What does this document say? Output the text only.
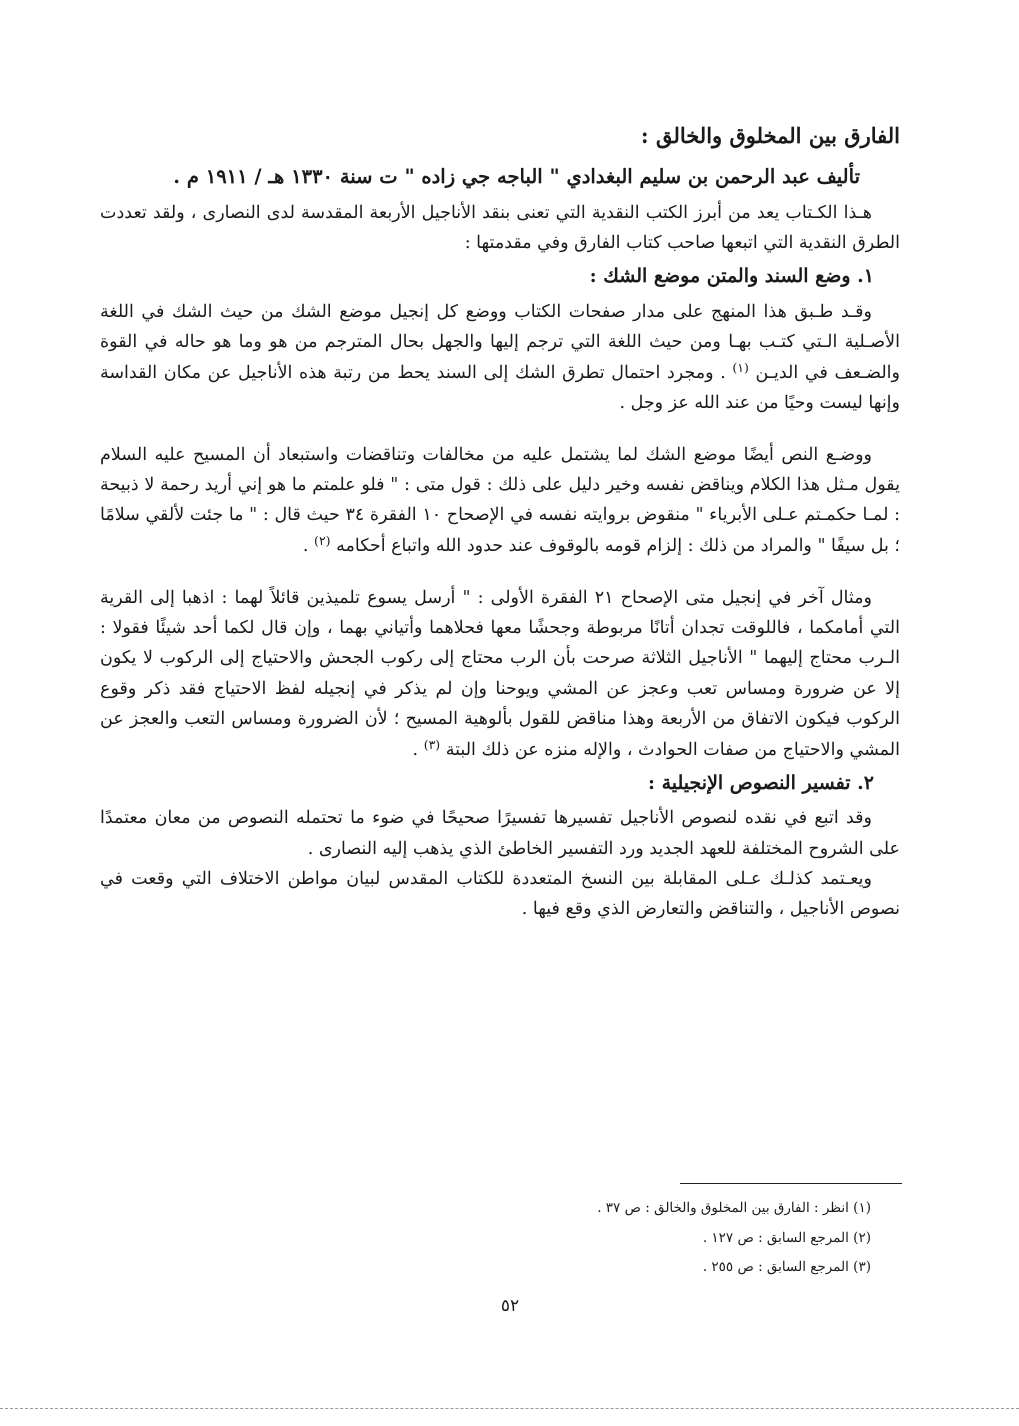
الفارق بين المخلوق والخالق :
تأليف عبد الرحمن بن سليم البغدادي " الباجه جي زاده " ت سنة ١٣٣٠ هـ / ١٩١١ م .

هـذا الكـتاب يعد من أبرز الكتب النقدية التي تعنى بنقد الأناجيل الأربعة المقدسة لدى النصارى ، ولقد تعددت الطرق النقدية التي اتبعها صاحب كتاب الفارق وفي مقدمتها :

١. وضع السند والمتن موضع الشك :

وقـد طـبق هذا المنهج على مدار صفحات الكتاب ووضع كل إنجيل موضع الشك من حيث الشك في اللغة الأصـلية الـتي كتـب بهـا ومن حيث اللغة التي ترجم إليها والجهل بحال المترجم من هو وما هو حاله في القوة والضـعف في الديـن $^{(١)}$ . ومجرد احتمال تطرق الشك إلى السند يحط من رتبة هذه الأناجيل عن مكان القداسة وإنها ليست وحيًا من عند الله عز وجل .

ووضـع النص أيضًا موضع الشك لما يشتمل عليه من مخالفات وتناقضات واستبعاد أن المسيح عليه السلام يقول مـثل هذا الكلام ويناقض نفسه وخير دليل على ذلك : قول متى : " فلو علمتم ما هو إني أريد رحمة لا ذبيحة : لمـا حكمـتم عـلى الأبرياء " منقوض بروايته نفسه في الإصحاح ١٠ الفقرة ٣٤ حيث قال : " ما جئت لألقي سلامًا ؛ بل سيفًا " والمراد من ذلك : إلزام قومه بالوقوف عند حدود الله واتباع أحكامه $^{(٢)}$ .

ومثال آخر في إنجيل متى الإصحاح ٢١ الفقرة الأولى : " أرسل يسوع تلميذين قائلاً لهما : اذهبا إلى القرية التي أمامكما ، فاللوقت تجدان أتانًا مربوطة وجحشًا معها فحلاهما وأتياني بهما ، وإن قال لكما أحد شيئًا فقولا : الـرب محتاج إليهما " الأناجيل الثلاثة صرحت بأن الرب محتاج إلى ركوب الجحش والاحتياج إلى الركوب لا يكون إلا عن ضرورة ومساس تعب وعجز عن المشي ويوحنا وإن لم يذكر في إنجيله لفظ الاحتياج فقد ذكر وقوع الركوب فيكون الاتفاق من الأربعة وهذا مناقض للقول بألوهية المسيح ؛ لأن الضرورة ومساس التعب والعجز عن المشي والاحتياج من صفات الحوادث ، والإله منزه عن ذلك البتة $^{(٣)}$ .

٢. تفسير النصوص الإنجيلية :

وقد اتبع في نقده لنصوص الأناجيل تفسيرها تفسيرًا صحيحًا في ضوء ما تحتمله النصوص من معان معتمدًا على الشروح المختلفة للعهد الجديد ورد التفسير الخاطئ الذي يذهب إليه النصارى .

ويعـتمد كذلـك عـلى المقابلة بين النسخ المتعددة للكتاب المقدس لبيان مواطن الاختلاف التي وقعت في نصوص الأناجيل ، والتناقض والتعارض الذي وقع فيها .

(١) انظر : الفارق بين المخلوق والخالق : ص ٣٧ .
(٢) المرجع السابق : ص ١٢٧ .
(٣) المرجع السابق : ص ٢٥٥ .
٥٢
